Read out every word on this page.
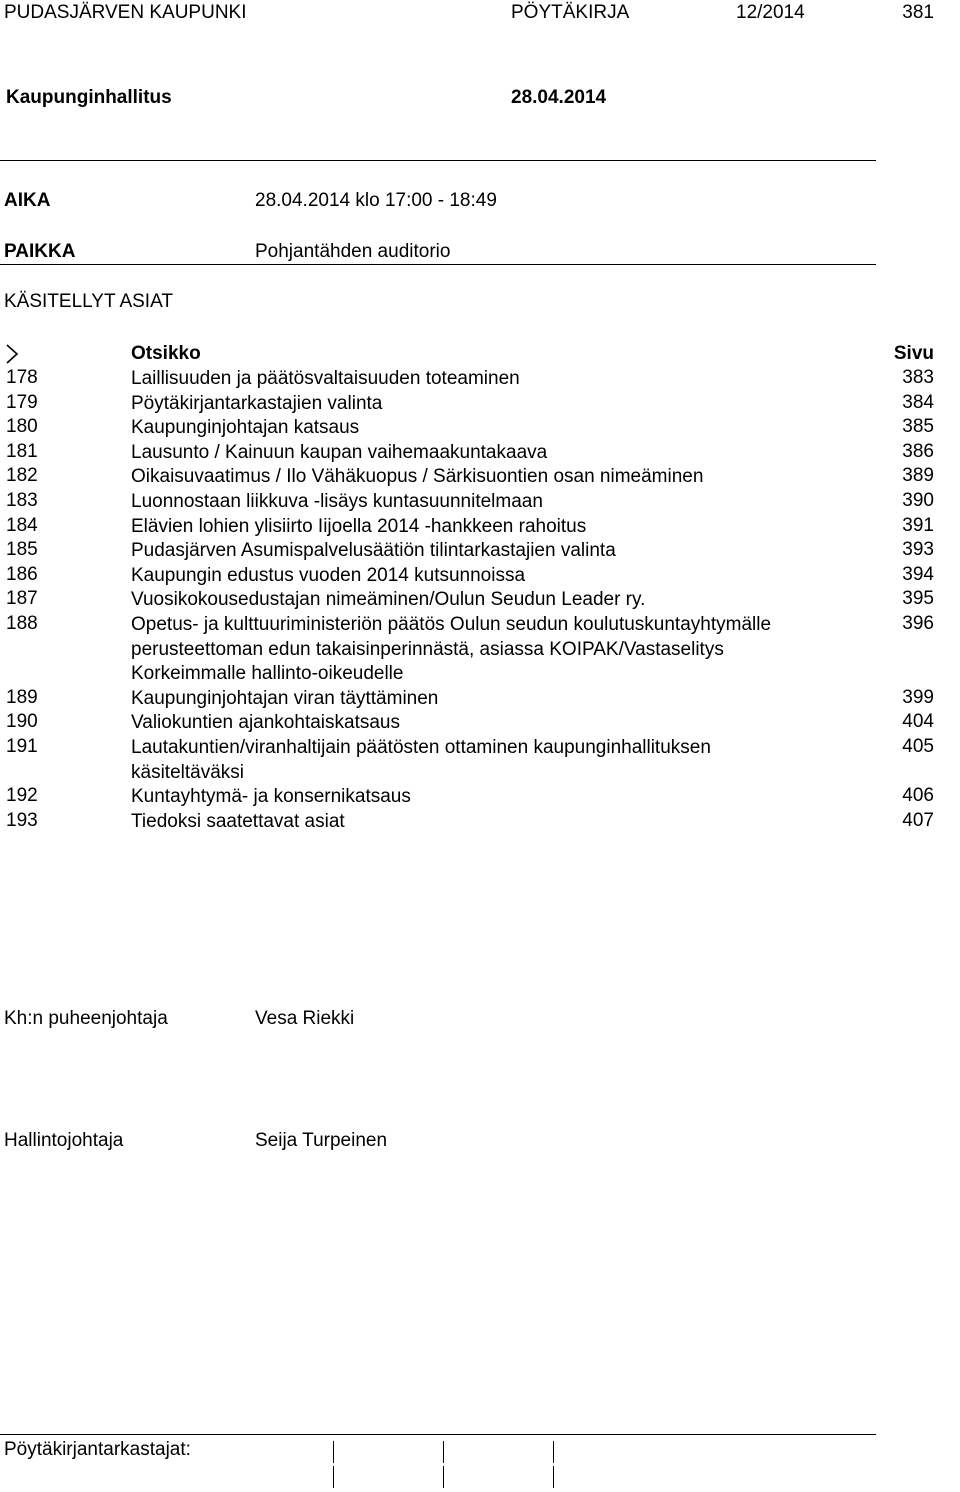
PUDASJÄRVEN KAUPUNKI	PÖYTÄKIRJA	12/2014	381
Kaupunginhallitus	28.04.2014
AIKA	28.04.2014 klo 17:00 - 18:49
PAIKKA	Pohjantähden auditorio
KÄSITELLYT ASIAT
Otsikko	Sivu
178	Laillisuuden ja päätösvaltaisuuden toteaminen	383
179	Pöytäkirjantarkastajien valinta	384
180	Kaupunginjohtajan katsaus	385
181	Lausunto / Kainuun kaupan vaihemaakuntakaava	386
182	Oikaisuvaatimus / Ilo Vähäkuopus / Särkisuontien osan nimeäminen	389
183	Luonnostaan liikkuva -lisäys kuntasuunnitelmaan	390
184	Elävien lohien ylisiirto Iijoella 2014 -hankkeen rahoitus	391
185	Pudasjärven Asumispalvelusäätiön tilintarkastajien valinta	393
186	Kaupungin edustus vuoden 2014 kutsunnoissa	394
187	Vuosikokousedustajan nimeäminen/Oulun Seudun Leader ry.	395
188	Opetus- ja kulttuuriministeriön päätös Oulun seudun koulutuskuntayhtymälle
perusteettoman edun takaisinperinnästä, asiassa KOIPAK/Vastaselitys
Korkeimmalle hallinto-oikeudelle
396
189	Kaupunginjohtajan viran täyttäminen	399
190	Valiokuntien ajankohtaiskatsaus	404
191	Lautakuntien/viranhaltijain päätösten ottaminen kaupunginhallituksen
käsiteltäväksi
405
192	Kuntayhtymä- ja konsernikatsaus	406
193	Tiedoksi saatettavat asiat	407
Kh:n puheenjohtaja	Vesa Riekki
Hallintojohtaja	Seija Turpeinen
Pöytäkirjantarkastajat:
